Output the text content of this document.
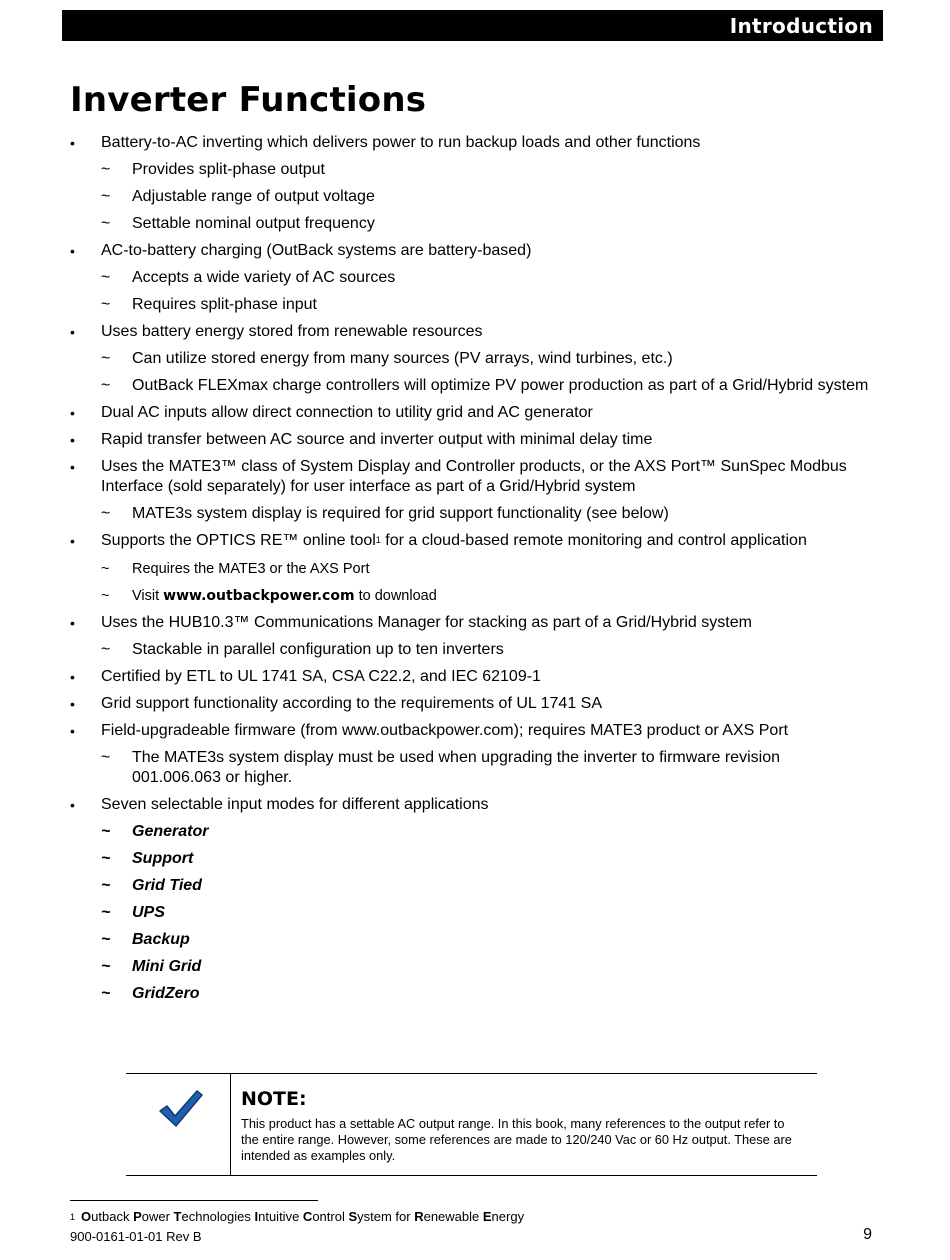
Introduction
Inverter Functions
• Battery-to-AC inverting which delivers power to run backup loads and other functions
~ Provides split-phase output
~ Adjustable range of output voltage
~ Settable nominal output frequency
• AC-to-battery charging (OutBack systems are battery-based)
~ Accepts a wide variety of AC sources
~ Requires split-phase input
• Uses battery energy stored from renewable resources
~ Can utilize stored energy from many sources (PV arrays, wind turbines, etc.)
~ OutBack FLEXmax charge controllers will optimize PV power production as part of a Grid/Hybrid system
• Dual AC inputs allow direct connection to utility grid and AC generator
• Rapid transfer between AC source and inverter output with minimal delay time
• Uses the MATE3™ class of System Display and Controller products, or the AXS Port™ SunSpec Modbus Interface (sold separately) for user interface as part of a Grid/Hybrid system
~ MATE3s system display is required for grid support functionality (see below)
• Supports the OPTICS RE™ online tool$^1$ for a cloud-based remote monitoring and control application
~ Requires the MATE3 or the AXS Port
~ Visit www.outbackpower.com to download
• Uses the HUB10.3™ Communications Manager for stacking as part of a Grid/Hybrid system
~ Stackable in parallel configuration up to ten inverters
• Certified by ETL to UL 1741 SA, CSA C22.2, and IEC 62109-1
• Grid support functionality according to the requirements of UL 1741 SA
• Field-upgradeable firmware (from www.outbackpower.com); requires MATE3 product or AXS Port
~ The MATE3s system display must be used when upgrading the inverter to firmware revision 001.006.063 or higher.
• Seven selectable input modes for different applications
~ Generator
~ Support
~ Grid Tied
~ UPS
~ Backup
~ Mini Grid
~ GridZero
NOTE:
This product has a settable AC output range. In this book, many references to the output refer to the entire range. However, some references are made to 120/240 Vac or 60 Hz output. These are intended as examples only.
1 Outback Power Technologies Intuitive Control System for Renewable Energy
900-0161-01-01 Rev B	9
